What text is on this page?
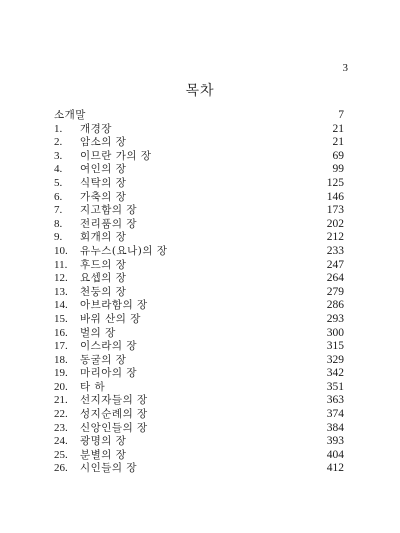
3
목차
소개말	7
1.	개경장	21
2.	암소의 장	21
3.	이므란 가의 장	69
4.	여인의 장	99
5.	식탁의 장	125
6.	가축의 장	146
7.	지고함의 장	173
8.	전리품의 장	202
9.	회개의 장	212
10.	유누스(요나)의 장	233
11.	후드의 장	247
12.	요셉의 장	264
13.	천둥의 장	279
14.	아브라함의 장	286
15.	바위 산의 장	293
16.	벌의 장	300
17.	이스라의 장	315
18.	동굴의 장	329
19.	마리아의 장	342
20.	타 하	351
21.	선지자들의 장	363
22.	성지순례의 장	374
23.	신앙인들의 장	384
24.	광명의 장	393
25.	분별의 장	404
26.	시인들의 장	412
